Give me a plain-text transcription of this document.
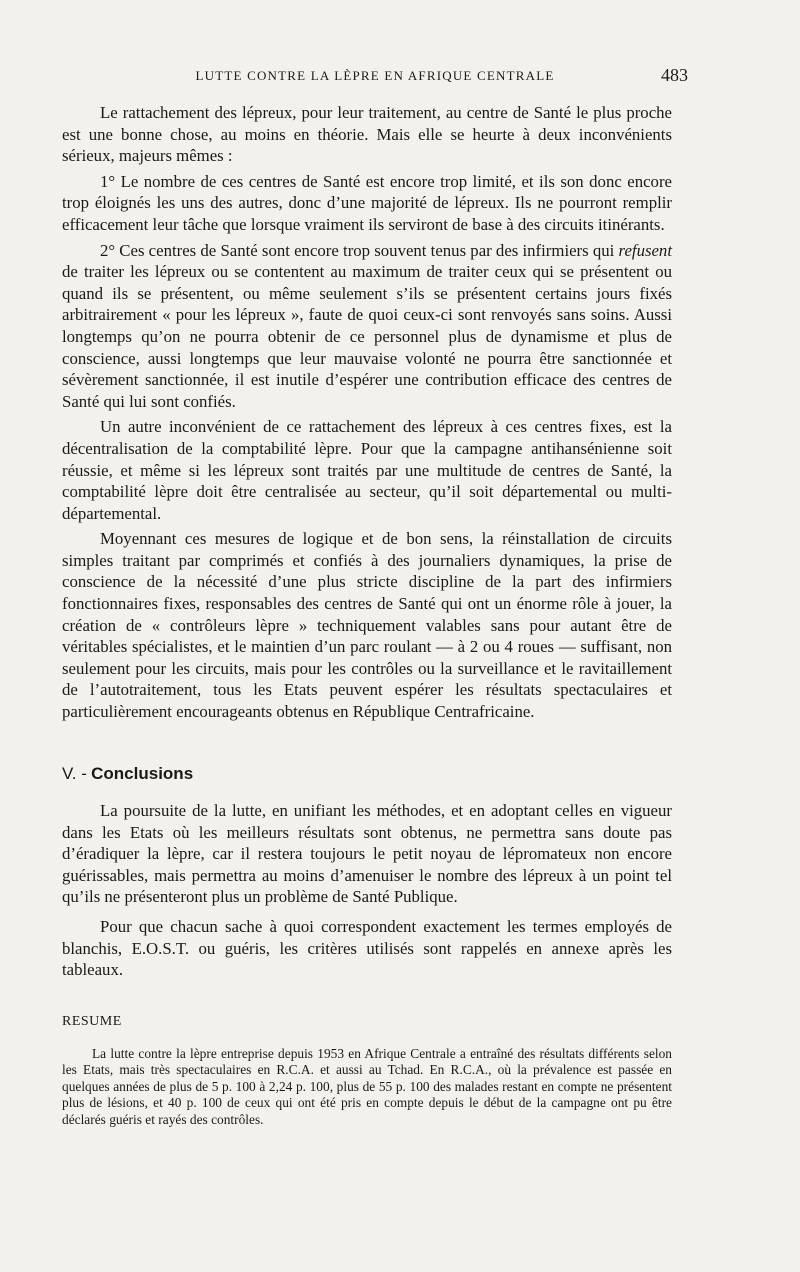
LUTTE CONTRE LA LÈPRE EN AFRIQUE CENTRALE	483

Le rattachement des lépreux, pour leur traitement, au centre de Santé le plus proche est une bonne chose, au moins en théorie. Mais elle se heurte à deux inconvénients sérieux, majeurs mêmes :

1° Le nombre de ces centres de Santé est encore trop limité, et ils son donc encore trop éloignés les uns des autres, donc d’une majorité de lépreux. Ils ne pourront remplir efficacement leur tâche que lorsque vraiment ils serviront de base à des circuits itinérants.

2° Ces centres de Santé sont encore trop souvent tenus par des infirmiers qui refusent de traiter les lépreux ou se contentent au maximum de traiter ceux qui se présentent ou quand ils se présentent, ou même seulement s’ils se présentent certains jours fixés arbitrairement « pour les lépreux », faute de quoi ceux-ci sont renvoyés sans soins. Aussi longtemps qu’on ne pourra obtenir de ce personnel plus de dynamisme et plus de conscience, aussi longtemps que leur mauvaise volonté ne pourra être sanctionnée et sévèrement sanctionnée, il est inutile d’espérer une contribution efficace des centres de Santé qui lui sont confiés.

Un autre inconvénient de ce rattachement des lépreux à ces centres fixes, est la décentralisation de la comptabilité lèpre. Pour que la campagne antihansénienne soit réussie, et même si les lépreux sont traités par une multitude de centres de Santé, la comptabilité lèpre doit être centralisée au secteur, qu’il soit départemental ou multi-départemental.

Moyennant ces mesures de logique et de bon sens, la réinstallation de circuits simples traitant par comprimés et confiés à des journaliers dynamiques, la prise de conscience de la nécessité d’une plus stricte discipline de la part des infirmiers fonctionnaires fixes, responsables des centres de Santé qui ont un énorme rôle à jouer, la création de « contrôleurs lèpre » techniquement valables sans pour autant être de véritables spécialistes, et le maintien d’un parc roulant — à 2 ou 4 roues — suffisant, non seulement pour les circuits, mais pour les contrôles ou la surveillance et le ravitaillement de l’autotraitement, tous les Etats peuvent espérer les résultats spectaculaires et particulièrement encourageants obtenus en République Centrafricaine.

V. - Conclusions

La poursuite de la lutte, en unifiant les méthodes, et en adoptant celles en vigueur dans les Etats où les meilleurs résultats sont obtenus, ne permettra sans doute pas d’éradiquer la lèpre, car il restera toujours le petit noyau de lépromateux non encore guérissables, mais permettra au moins d’amenuiser le nombre des lépreux à un point tel qu’ils ne présenteront plus un problème de Santé Publique.

Pour que chacun sache à quoi correspondent exactement les termes employés de blanchis, E.O.S.T. ou guéris, les critères utilisés sont rappelés en annexe après les tableaux.

RESUME

La lutte contre la lèpre entreprise depuis 1953 en Afrique Centrale a entraîné des résultats différents selon les Etats, mais très spectaculaires en R.C.A. et aussi au Tchad. En R.C.A., où la prévalence est passée en quelques années de plus de 5 p. 100 à 2,24 p. 100, plus de 55 p. 100 des malades restant en compte ne présentent plus de lésions, et 40 p. 100 de ceux qui ont été pris en compte depuis le début de la campagne ont pu être déclarés guéris et rayés des contrôles.
